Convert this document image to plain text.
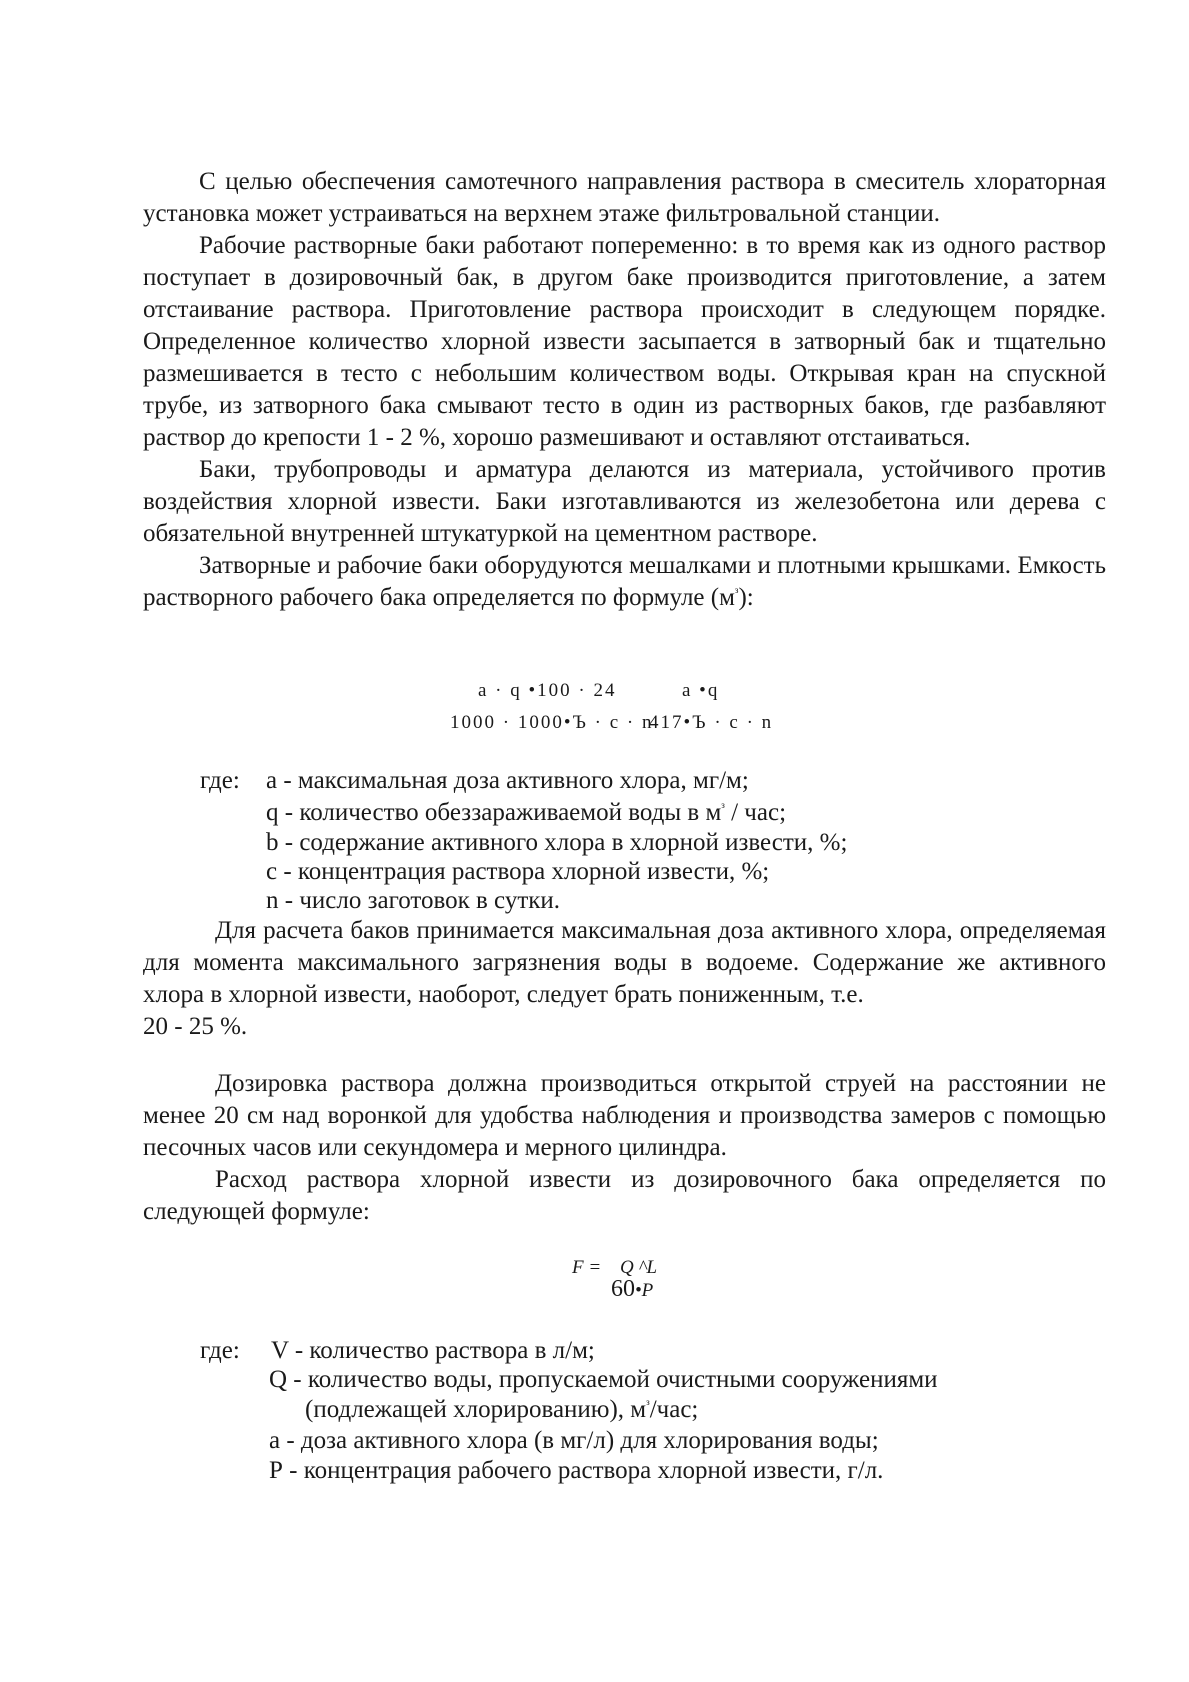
С целью обеспечения самотечного направления раствора в смеситель хлораторная установка может устраиваться на верхнем этаже фильтровальной станции.

Рабочие растворные баки работают попеременно: в то время как из одного раствор поступает в дозировочный бак, в другом баке производится приготовление, а затем отстаивание раствора. Приготовление раствора происходит в следующем порядке. Определенное количество хлорной извести засыпается в затворный бак и тщательно размешивается в тесто с небольшим количеством воды. Открывая кран на спускной трубе, из затворного бака смывают тесто в один из растворных баков, где разбавляют раствор до крепости 1 - 2 %, хорошо размешивают и оставляют отстаиваться.

Баки, трубопроводы и арматура делаются из материала, устойчивого против воздействия хлорной извести. Баки изготавливаются из железобетона или дерева с обязательной внутренней штукатуркой на цементном растворе.

Затворные и рабочие баки оборудуются мешалками и плотными крышками. Емкость растворного рабочего бака определяется по формуле $(м^з)$:

а · q •100 · 24
1000 · 1000•Ъ · с · n
а •q
417•Ъ · с · n
где: а - максимальная доза активного хлора, мг/м;
q - количество обеззараживаемой воды в $м^з$ / час;
b - содержание активного хлора в хлорной извести, %;
с - концентрация раствора хлорной извести, %;
n - число заготовок в сутки.

Для расчета баков принимается максимальная доза активного хлора, определяемая для момента максимального загрязнения воды в водоеме. Содержание же активного хлора в хлорной извести, наоборот, следует брать пониженным, т.е.

20 - 25 %.

Дозировка раствора должна производиться открытой струей на расстоянии не менее 20 см над воронкой для удобства наблюдения и производства замеров с помощью песочных часов или секундомера и мерного цилиндра.

Расход раствора хлорной извести из дозировочного бака определяется по следующей формуле:

F = Q ^L
60•P
где: V - количество раствора в л/м;
Q - количество воды, пропускаемой очистными сооружениями
(подлежащей хлорированию), $м^з$/час;
а - доза активного хлора (в мг/л) для хлорирования воды;
Р - концентрация рабочего раствора хлорной извести, г/л.
